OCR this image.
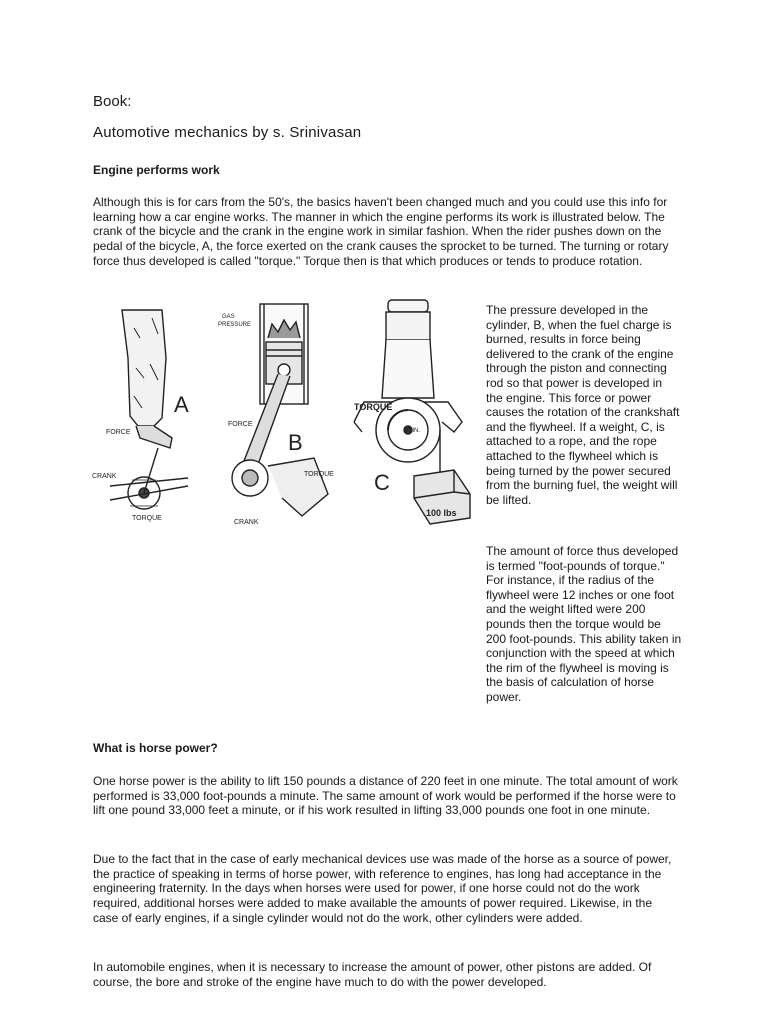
Book:
Automotive mechanics by s. Srinivasan
Engine performs work

Although this is for cars from the 50's, the basics haven't been changed much and you could use this info for learning how a car engine works. The manner in which the engine performs its work is illustrated below. The crank of the bicycle and the crank in the engine work in similar fashion. When the rider pushes down on the pedal of the bicycle, A, the force exerted on the crank causes the sprocket to be turned. The turning or rotary force thus developed is called "torque." Torque then is that which produces or tends to produce rotation.

A
FORCE
CRANK
TORQUE
GAS
PRESSURE
FORCE
B
TORQUE
CRANK
TORQUE
10 IN.
C
100 lbs

The pressure developed in the cylinder, B, when the fuel charge is burned, results in force being delivered to the crank of the engine through the piston and connecting rod so that power is developed in the engine. This force or power causes the rotation of the crankshaft and the flywheel. If a weight, C, is attached to a rope, and the rope attached to the flywheel which is being turned by the power secured from the burning fuel, the weight will be lifted.

The amount of force thus developed is termed "foot-pounds of torque." For instance, if the radius of the flywheel were 12 inches or one foot and the weight lifted were 200 pounds then the torque would be 200 foot-pounds. This ability taken in conjunction with the speed at which the rim of the flywheel is moving is the basis of calculation of horse power.

What is horse power?

One horse power is the ability to lift 150 pounds a distance of 220 feet in one minute. The total amount of work performed is 33,000 foot-pounds a minute. The same amount of work would be performed if the horse were to lift one pound 33,000 feet a minute, or if his work resulted in lifting 33,000 pounds one foot in one minute.

Due to the fact that in the case of early mechanical devices use was made of the horse as a source of power, the practice of speaking in terms of horse power, with reference to engines, has long had acceptance in the engineering fraternity. In the days when horses were used for power, if one horse could not do the work required, additional horses were added to make available the amounts of power required. Likewise, in the case of early engines, if a single cylinder would not do the work, other cylinders were added.

In automobile engines, when it is necessary to increase the amount of power, other pistons are added. Of course, the bore and stroke of the engine have much to do with the power developed.
